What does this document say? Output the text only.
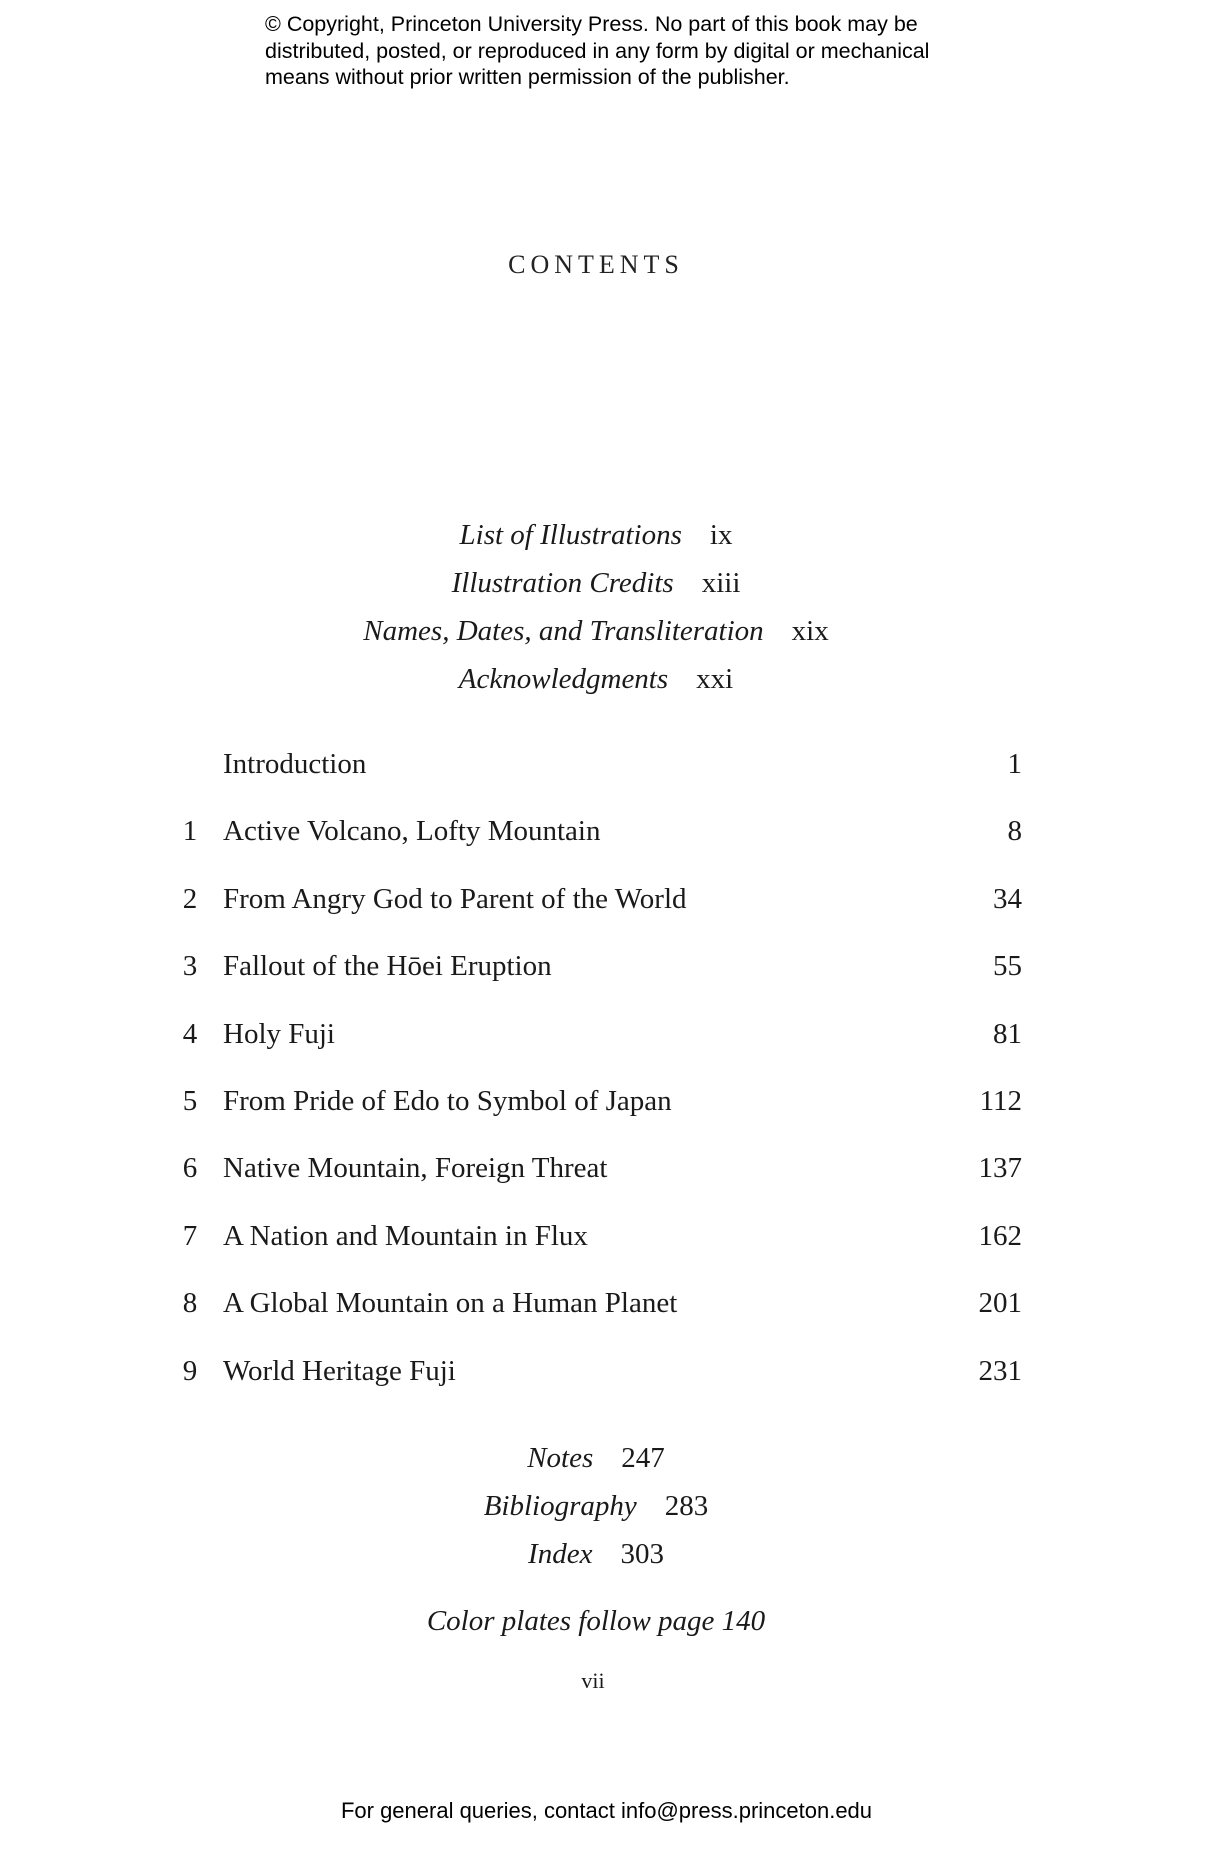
© Copyright, Princeton University Press. No part of this book may be
distributed, posted, or reproduced in any form by digital or mechanical
means without prior written permission of the publisher.
CONTENTS
List of Illustrations ix
Illustration Credits xiii
Names, Dates, and Transliteration xix
Acknowledgments xxi
Introduction	1
1 Active Volcano, Lofty Mountain	8
2 From Angry God to Parent of the World	34
3 Fallout of the Hōei Eruption	55
4 Holy Fuji	81
5 From Pride of Edo to Symbol of Japan	112
6 Native Mountain, Foreign Threat	137
7 A Nation and Mountain in Flux	162
8 A Global Mountain on a Human Planet	201
9 World Heritage Fuji	231
Notes 247
Bibliography 283
Index 303
Color plates follow page 140
vii
For general queries, contact info@press.princeton.edu
